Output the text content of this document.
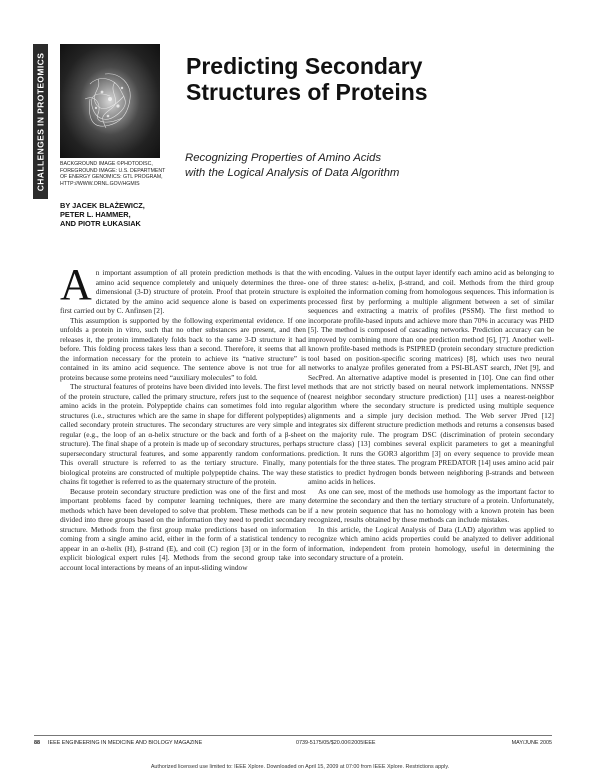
CHALLENGES IN PROTEOMICS	BACKGROUND IMAGE ©PHOTODISC, FOREGROUND IMAGE: U.S. DEPARTMENT OF ENERGY GENOMICS: GTL PROGRAM, HTTP://WWW.ORNL.GOV/HGMIS
BY JACEK BLAŻEWICZ,
PETER L. HAMMER,
AND PIOTR ŁUKASIAK
Predicting Secondary
Structures of Proteins
Recognizing Properties of Amino Acids
with the Logical Analysis of Data Algorithm

An important assumption of all protein prediction methods is that the amino acid sequence completely and uniquely determines the three-dimensional (3-D) structure of protein. Proof that protein structure is dictated by the amino acid sequence alone is based on experiments first carried out by C. Anfinsen [2].

This assumption is supported by the following experimental evidence. If one unfolds a protein in vitro, such that no other substances are present, and then releases it, the protein immediately folds back to the same 3-D structure it had before. This folding process takes less than a second. Therefore, it seems that all the information necessary for the protein to achieve its “native structure” is contained in its amino acid sequence. The sentence above is not true for all proteins because some proteins need “auxiliary molecules” to fold.

The structural features of proteins have been divided into levels. The first level of the protein structure, called the primary structure, refers just to the sequence of amino acids in the protein. Polypeptide chains can sometimes fold into regular structures (i.e., structures which are the same in shape for different polypeptides) called secondary protein structures. The secondary structures are very simple and regular (e.g., the loop of an α-helix structure or the back and forth of a β-sheet structure). The final shape of a protein is made up of secondary structures, perhaps supersecondary structural features, and some apparently random conformations. This overall structure is referred to as the tertiary structure. Finally, many biological proteins are constructed of multiple polypeptide chains. The way these chains fit together is referred to as the quaternary structure of the protein.

Because protein secondary structure prediction was one of the first and most important problems faced by computer learning techniques, there are many methods which have been developed to solve that problem. These methods can be divided into three groups based on the information they need to predict secondary structure. Methods from the first group make predictions based on information coming from a single amino acid, either in the form of a statistical tendency to appear in an α-helix (H), β-strand (E), and coil (C) region [3] or in the form of explicit biological expert rules [4]. Methods from the second group take into account local interactions by means of an input-sliding window

with encoding. Values in the output layer identify each amino acid as belonging to one of three states: α-helix, β-strand, and coil. Methods from the third group exploited the information coming from homologous sequences. This information is processed first by performing a multiple alignment between a set of similar sequences and extracting a matrix of profiles (PSSM). The first method to incorporate profile-based inputs and achieve more than 70% in accuracy was PHD [5]. The method is composed of cascading networks. Prediction accuracy can be improved by combining more than one prediction method [6], [7]. Another well-known profile-based methods is PSIPRED (protein secondary structure prediction tool based on position-specific scoring matrices) [8], which uses two neural networks to analyze profiles generated from a PSI-BLAST search, JNet [9], and SecPred. An alternative adaptive model is presented in [10]. One can find other methods that are not strictly based on neural network implementations. NNSSP (nearest neighbor secondary structure prediction) [11] uses a nearest-neighbor algorithm where the secondary structure is predicted using multiple sequence alignments and a simple jury decision method. The Web server JPred [12] integrates six different structure prediction methods and returns a consensus based on the majority rule. The program DSC (discrimination of protein secondary structure class) [13] combines several explicit parameters to get a meaningful prediction. It runs the GOR3 algorithm [3] on every sequence to provide mean potentials for the three states. The program PREDATOR [14] uses amino acid pair statistics to predict hydrogen bonds between neighboring β-strands and between amino acids in helices.

As one can see, most of the methods use homology as the important factor to determine the secondary and then the tertiary structure of a protein. Unfortunately, if a new protein sequence that has no homology with a known protein has been recognized, results obtained by these methods can include mistakes.

In this article, the Logical Analysis of Data (LAD) algorithm was applied to recognize which amino acids properties could be analyzed to deliver additional information, independent from protein homology, useful in determining the secondary structure of a protein.

88 IEEE ENGINEERING IN MEDICINE AND BIOLOGY MAGAZINE	0739-5175/05/$20.00©2005IEEE	MAY/JUNE 2005
Authorized licensed use limited to: IEEE Xplore. Downloaded on April 15, 2009 at 07:00 from IEEE Xplore. Restrictions apply.
